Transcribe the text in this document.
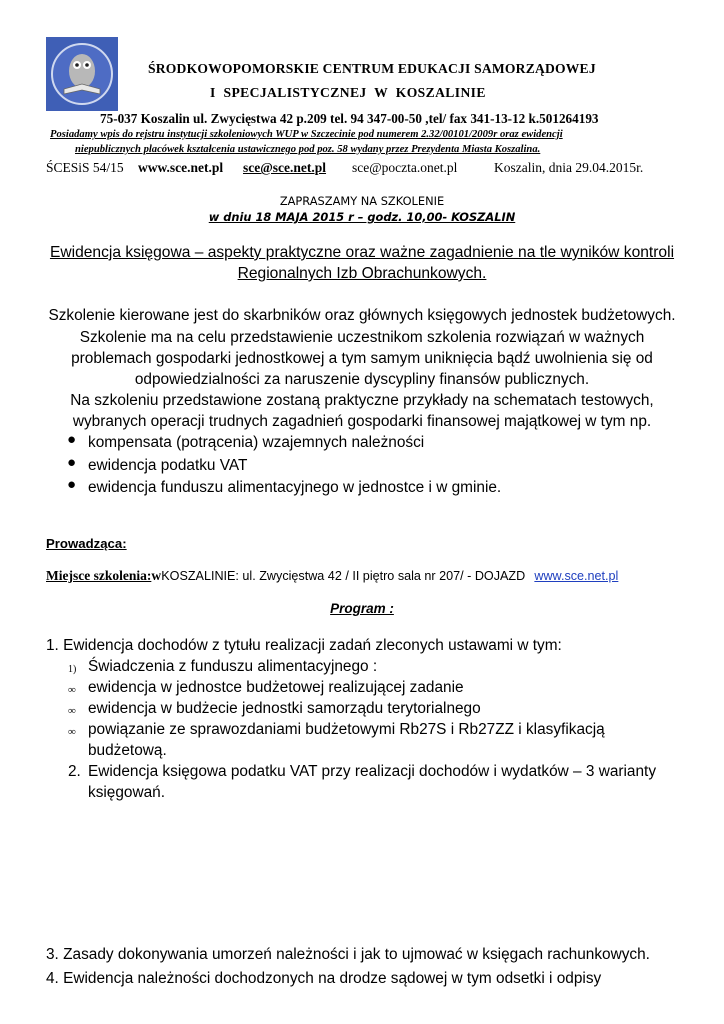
ŚRODKOWOPOMORSKIE CENTRUM EDUKACJI SAMORZĄDOWEJ
I SPECJALISTYCZNEJ W KOSZALINIE
75-037 Koszalin ul. Zwycięstwa 42 p.209 tel. 94 347-00-50 ,tel/ fax 341-13-12 k.501264193
Posiadamy wpis do rejstru instytucji szkoleniowych WUP w Szczecinie pod numerem 2.32/00101/2009r oraz ewidencji
niepublicznych placówek kształcenia ustawicznego pod poz. 58 wydany przez Prezydenta Miasta Koszalina.
ŚCESiS 54/15 www.sce.net.pl sce@sce.net.pl sce@poczta.onet.pl	Koszalin, dnia 29.04.2015r.
ZAPRASZAMY NA SZKOLENIE
w dniu 18 MAJA 2015 r – godz. 10,00- KOSZALIN
Ewidencja księgowa – aspekty praktyczne oraz ważne zagadnienie na tle wyników kontroli
Regionalnych Izb Obrachunkowych.
Szkolenie kierowane jest do skarbników oraz głównych księgowych jednostek budżetowych.
Szkolenie ma na celu przedstawienie uczestnikom szkolenia rozwiązań w ważnych
problemach gospodarki jednostkowej a tym samym uniknięcia bądź uwolnienia się od
odpowiedzialności za naruszenie dyscypliny finansów publicznych.
Na szkoleniu przedstawione zostaną praktyczne przykłady na schematach testowych,
wybranych operacji trudnych zagadnień gospodarki finansowej majątkowej w tym np.
● kompensata (potrącenia) wzajemnych należności
● ewidencja podatku VAT
● ewidencja funduszu alimentacyjnego w jednostce i w gminie.
Prowadząca:
Miejsce szkolenia:w KOSZALINIE: ul. Zwycięstwa 42 / II piętro sala nr 207/ - DOJAZD www.sce.net.pl
Program :
1. Ewidencja dochodów z tytułu realizacji zadań zleconych ustawami w tym:
1) Świadczenia z funduszu alimentacyjnego :
∞ ewidencja w jednostce budżetowej realizującej zadanie
∞ ewidencja w budżecie jednostki samorządu terytorialnego
∞ powiązanie ze sprawozdaniami budżetowymi Rb27S i Rb27ZZ i klasyfikacją
budżetową.
2. Ewidencja księgowa podatku VAT przy realizacji dochodów i wydatków – 3 warianty
księgowań.
3. Zasady dokonywania umorzeń należności i jak to ujmować w księgach rachunkowych.
4. Ewidencja należności dochodzonych na drodze sądowej w tym odsetki i odpisy
